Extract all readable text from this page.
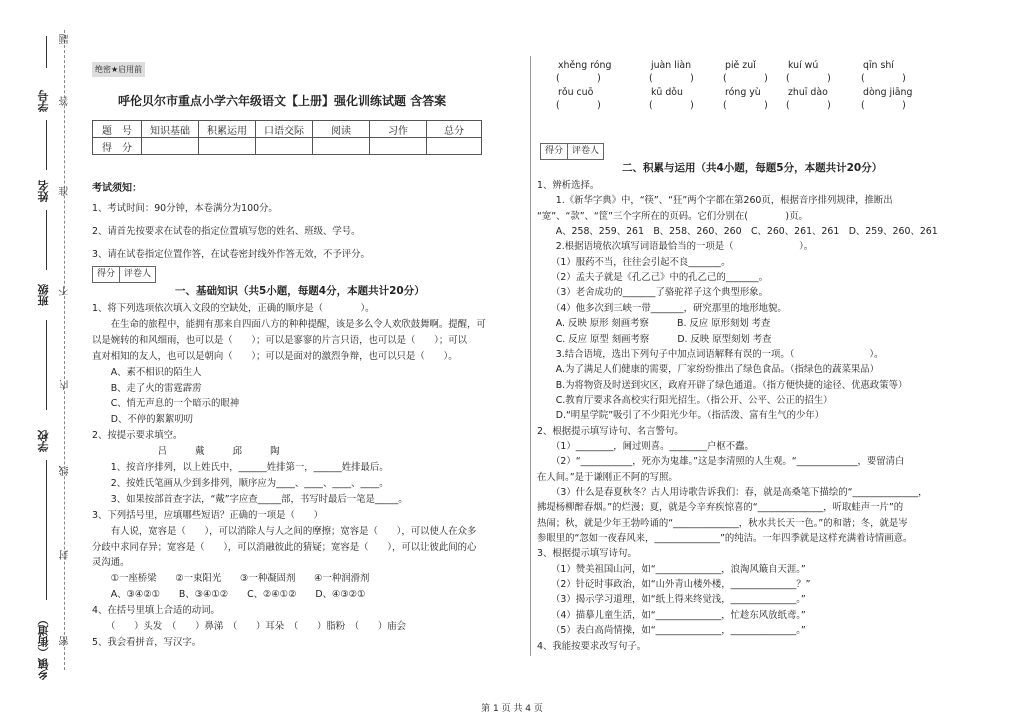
学号
姓名
班级
学校
乡镇（街道）
题
答
准
不
内
线
封
密
绝密★启用前
呼伦贝尔市重点小学六年级语文【上册】强化训练试题 含答案
题　号	知识基础	积累运用	口语交际	阅读	习作	总分
得　分						
考试须知：
1、考试时间：90分钟，本卷满分为100分。
2、请首先按要求在试卷的指定位置填写您的姓名、班级、学号。
3、请在试卷指定位置作答，在试卷密封线外作答无效，不予评分。
得分	评卷人
一、基础知识（共5小题，每题4分，本题共计20分）
1、将下列选项依次填入文段的空缺处，正确的顺序是（　　　　）。
　　在生命的旅程中，能拥有那来自四面八方的种种提醒，该是多么令人欢欣鼓舞啊。提醒，可
以是婉转的和风细雨，也可以是（　　）；可以是寥寥的片言只语，也可以是（　　）；可以
直对相知的友人，也可以是朝向（　　）；可以是面对的激烈争辩，也可以只是（　　）。
　　A、素不相识的陌生人
　　B、走了火的雷霆霹雳
　　C、悄无声息的一个暗示的眼神
　　D、不停的絮絮叨叨
2、按提示要求填空。
　　　　　　　吕　　　戴　　　邱　　　陶
　　1、按音序排列，以上姓氏中，______姓排第一，______姓排最后。
　　2、按姓氏笔画从少到多排列，顺序应为____、____、____、____。
　　3、如果按部首查字法，“戴”字应查_____部，书写时最后一笔是_____。
3、下列括号里，应填哪些短语？正确的一项是（　　）
　　有人说，宽容是（　　），可以消除人与人之间的摩擦；宽容是（　　），可以使人在众多
分歧中求同存异；宽容是（　　），可以消融彼此的猜疑；宽容是（　　），可以让彼此间的心
灵沟通。
　　①一座桥梁　　②一束阳光　　③一种凝固剂　　④一种润滑剂
　　A、③④②①　　B、③④①②　　C、②④①②　　D、④③②①
4、在括号里填上合适的动词。
　　（　　）头发　（　　）鼻涕　（　　）耳朵　（　　）脂粉　（　　）庙会
5、我会看拼音，写汉字。
xhěng róng
(　　　　)
juàn liàn
(　　　　)
piě zuǐ
(　　　　)
kuí wú
(　　　　)
qīn shí
(　　　　)
rǒu cuō
(　　　　)
kū dǒu
(　　　　)
róng yù
(　　　　)
zhuī dào
(　　　　)
dòng jiāng
(　　　　)
得分	评卷人
二、积累与运用（共4小题，每题5分，本题共计20分）
1、辨析选择。
　　1.《新华字典》中，“筷”、“狂”两个字都在第260页，根据音序排列规律，推断出
“宽”、“款”、“筐”三个字所在的页码。它们分别在(　　　　)页。
　　A、258、259、261　B、258、260、260　C、260、261、261　D、259、260、261
　　2.根据语境依次填写词语最恰当的一项是（　　　　　　　）。
　　（1）服药不当，往往会引起不良_______。
　　（2）孟夫子就是《孔乙己》中的孔乙己的_______。
　　（3）老舍成功的_______了骆驼祥子这个典型形象。
　　（4）他多次到三峡一带_______，研究那里的地形地貌。
　　A. 反映 原形 刻画考察　　　B. 反应 原形刻划 考查
　　C. 反应 原型 刻画考察　　　D. 反映 原型刻划 考查
　　3.结合语境，选出下列句子中加点词语解释有误的一项。（　　　　　　　　）。
　　A.为了满足人们健康的需要，厂家纷纷推出了绿色食品。（指绿色的蔬菜果品）
　　B.为将物资及时送到灾区，政府开辟了绿色通道。（指方便快捷的途径、优惠政策等）
　　C.教育厅要求各高校实行阳光招生。（指公开、公平、公正的招生）
　　D.“明星学院”吸引了不少阳光少年。（指活泼、富有生气的少年）
2、根据提示填写诗句、名言警句。
　　（1）________，阃过则喜。________户枢不蠹。
　　（2）“___________，死亦为鬼雄。”这是李清照的人生观。“_____________，要留清白
在人间。”是于谦刚正不阿的写照。
　　（3）什么是春夏秋冬？古人用诗歌告诉我们：春，就是高桑笔下描绘的“______________，
拂堤杨柳醉春烟。”的烂漫；夏，就是今辛弃疾惊喜的“______________，听取蛙声一片”的
热闹；秋，就是少年王勃吟诵的“______________，秋水共长天一色。”的和谐；冬，就是岑
参眼里的“忽如一夜春风来，______________”的纯洁。一年四季就是这样充满着诗情画意。
3、根据提示填写诗句。
　　（1）赞美祖国山河，如“______________，浪淘风簸自天涯。”
　　（2）针砭时事政治，如“山外青山楼外楼，______________？”
　　（3）揭示学习道理，如“纸上得来终觉浅，______________。”
　　（4）描摹儿童生活，如“______________，忙趁东风放纸鸢。”
　　（5）表白高尚情操，如“______________，______________。”
4、我能按要求改写句子。
第 1 页 共 4 页
